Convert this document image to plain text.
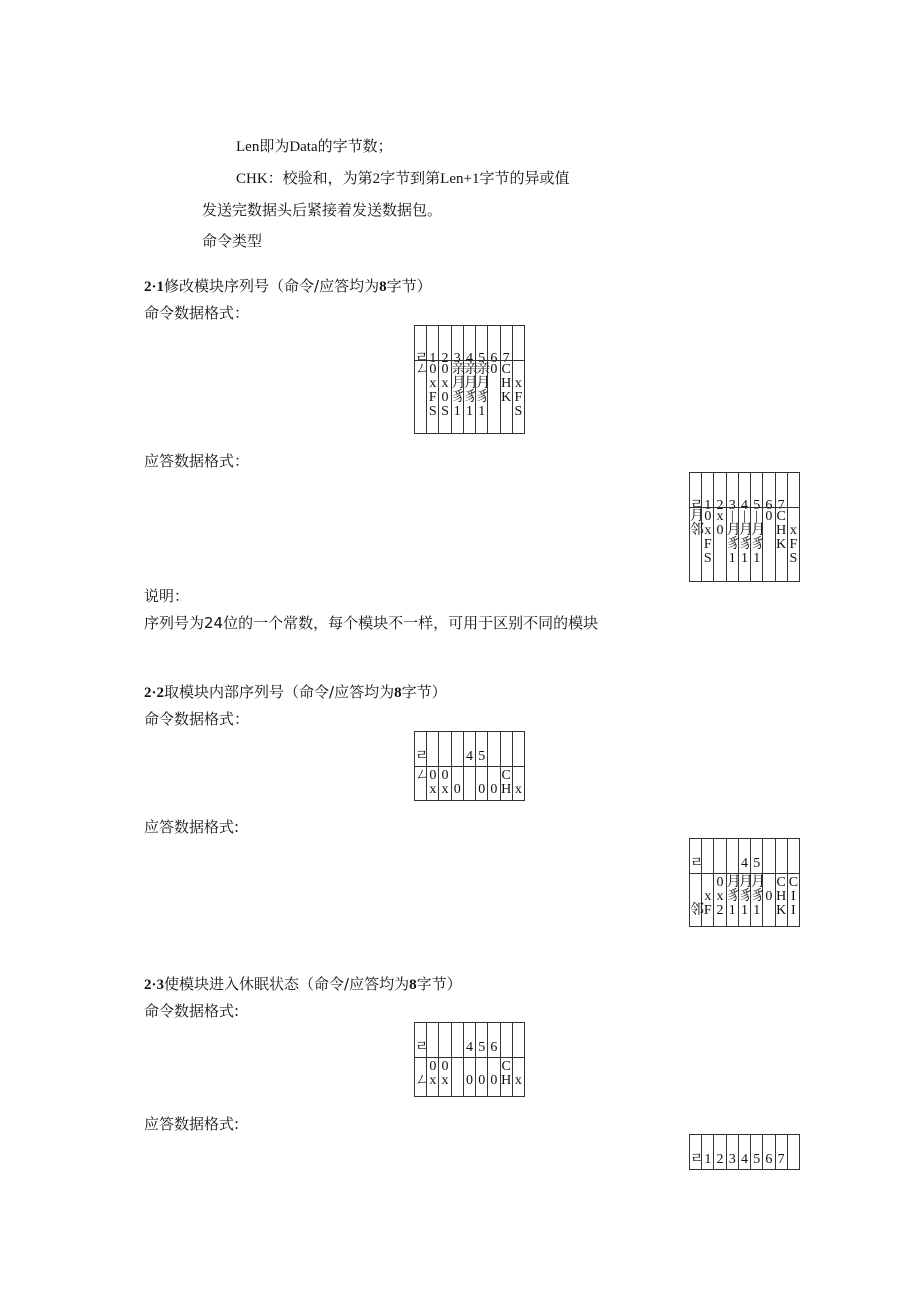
Len即为Data的字节数；
CHK：校验和，为第2字节到第Len+1字节的异或值
发送完数据头后紧接着发送数据包。
命令类型
2·1修改模块序列号（命令/应答均为8字节）
命令数据格式：
ㄹ
ㄥ
1
0
x
F
S
2
0
x
0
S
3
亲
月
豸
1
4
亲
月
豸
1
5
亲
月
豸
1
6
0
7
C
H
K

x
F
S
应答数据格式：
ㄹ
月
邻
1
0
x
F
S
2
x
0
3
|
月
豸
1
4
|
月
豸
1
5
|
月
豸
1
6
0
7
C
H
K

x
F
S
说明：
序列号为24位的一个常数，每个模块不一样，可用于区别不同的模块
2·2取模块内部序列号（命令/应答均为8字节）
命令数据格式：
ㄹ
ㄥ 0
x
0
x
0
4 5

0
0
C
H
x
应答数据格式:
ㄹ

邻

x
F
0
x
2
月
豸
1
4
月
豸
1
5
月
豸
1

0
C
H
K
C
I
I
2·3使模块进入休眠状态（命令/应答均为8字节）
命令数据格式:
ㄹ

ㄥ
0
x
0
x
4

0
5

0
6

0
C
H
x
应答数据格式:
ㄹ 1 2 3 4 5 6 7
